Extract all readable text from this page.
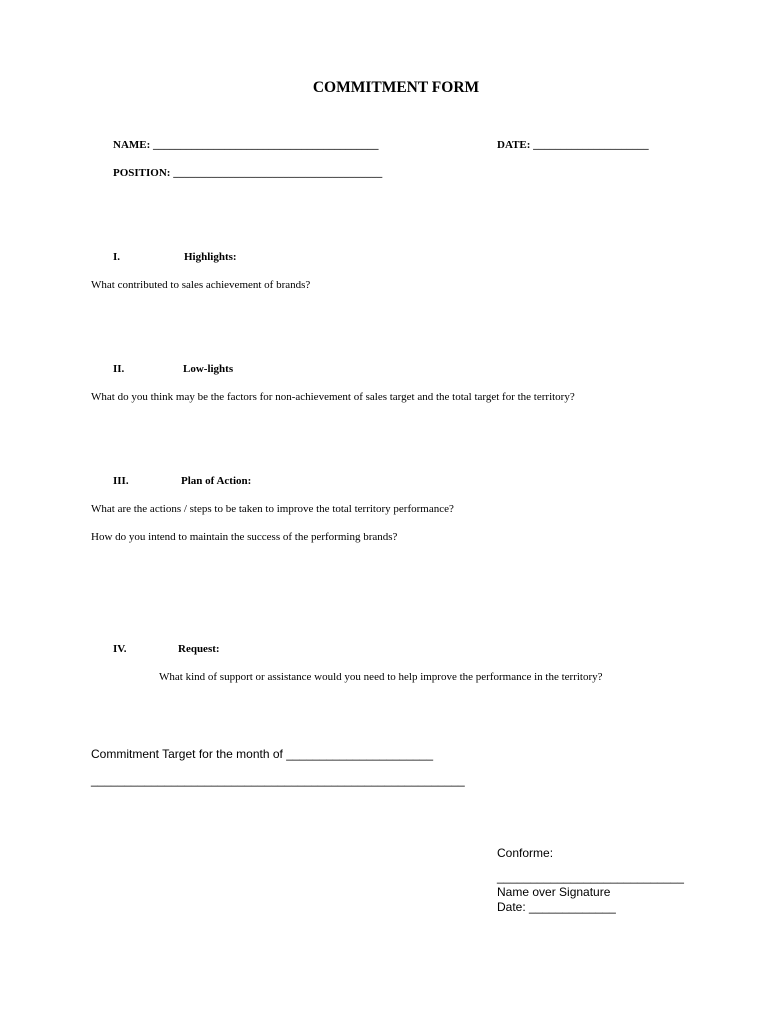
COMMITMENT FORM
NAME: _________________________________________	DATE: _____________________
POSITION: ______________________________________
I.	Highlights:
What contributed to sales achievement of brands?
II.	Low-lights
What do you think may be the factors for non-achievement of sales target and the total target for the territory?
III.	Plan of Action:
What are the actions / steps to be taken to improve the total territory performance?
How do you intend to maintain the success of the performing brands?
IV.	Request:
What kind of support or assistance would you need to help improve the performance in the territory?
Commitment Target for the month of ______________________
________________________________________________________
Conforme:
____________________________
Name over Signature
Date: _____________
